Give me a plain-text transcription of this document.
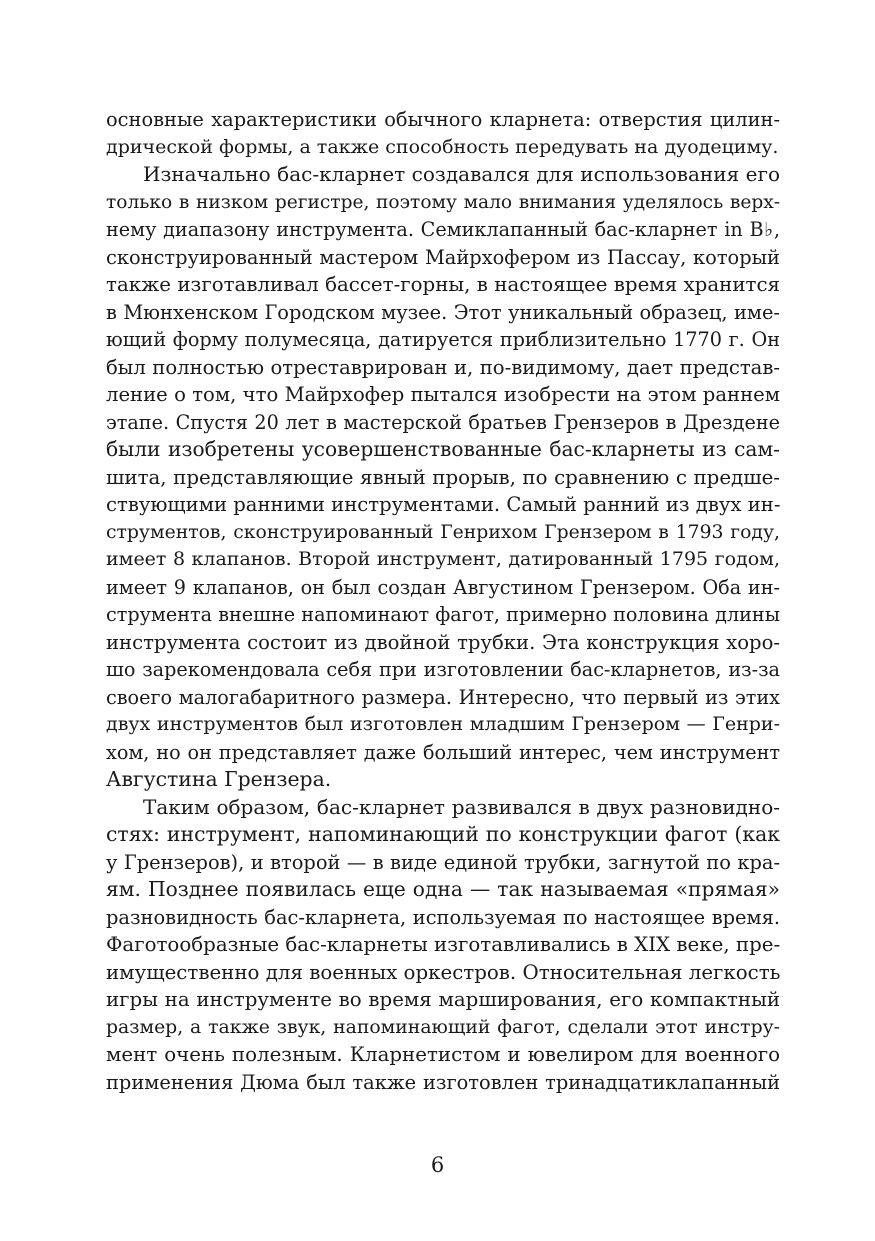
основные характеристики обычного кларнета: отверстия цилин-
дрической формы, а также способность передувать на дуодециму.
Изначально бас-кларнет создавался для использования его
только в низком регистре, поэтому мало внимания уделялось верх-
нему диапазону инструмента. Семиклапанный бас-кларнет in B♭,
сконструированный мастером Майрхофером из Пассау, который
также изготавливал бассет-горны, в настоящее время хранится
в Мюнхенском Городском музее. Этот уникальный образец, име-
ющий форму полумесяца, датируется приблизительно 1770 г. Он
был полностью отреставрирован и, по-видимому, дает представ-
ление о том, что Майрхофер пытался изобрести на этом раннем
этапе. Спустя 20 лет в мастерской братьев Грензеров в Дрездене
были изобретены усовершенствованные бас-кларнеты из сам-
шита, представляющие явный прорыв, по сравнению с предше-
ствующими ранними инструментами. Самый ранний из двух ин-
струментов, сконструированный Генрихом Грензером в 1793 году,
имеет 8 клапанов. Второй инструмент, датированный 1795 годом,
имеет 9 клапанов, он был создан Августином Грензером. Оба ин-
струмента внешне напоминают фагот, примерно половина длины
инструмента состоит из двойной трубки. Эта конструкция хоро-
шо зарекомендовала себя при изготовлении бас-кларнетов, из-за
своего малогабаритного размера. Интересно, что первый из этих
двух инструментов был изготовлен младшим Грензером — Генри-
хом, но он представляет даже больший интерес, чем инструмент
Августина Грензера.
Таким образом, бас-кларнет развивался в двух разновидно-
стях: инструмент, напоминающий по конструкции фагот (как
у Грензеров), и второй — в виде единой трубки, загнутой по кра-
ям. Позднее появилась еще одна — так называемая «прямая»
разновидность бас-кларнета, используемая по настоящее время.
Фаготообразные бас-кларнеты изготавливались в XIX веке, пре-
имущественно для военных оркестров. Относительная легкость
игры на инструменте во время марширования, его компактный
размер, а также звук, напоминающий фагот, сделали этот инстру-
мент очень полезным. Кларнетистом и ювелиром для военного
применения Дюма был также изготовлен тринадцатиклапанный
6
